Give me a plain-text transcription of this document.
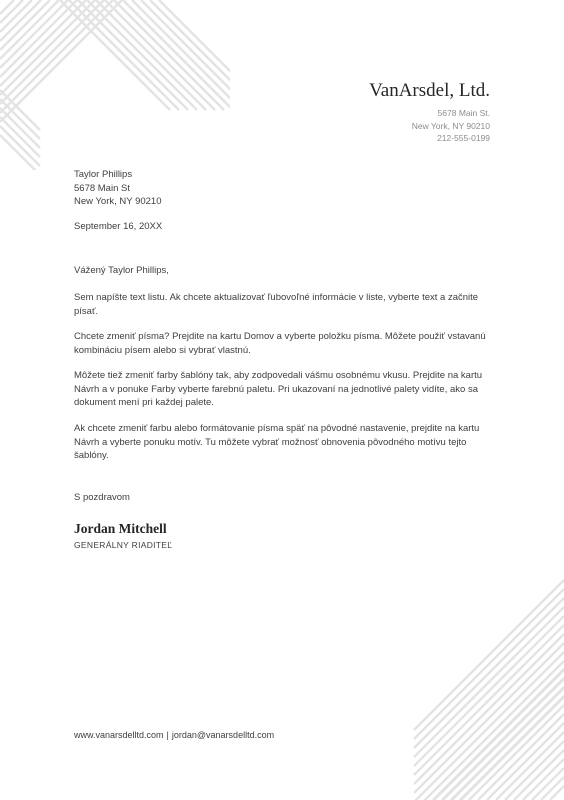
VanArsdel, Ltd.
5678 Main St.
New York, NY 90210
212-555-0199
Taylor Phillips
5678 Main St
New York, NY 90210
September 16, 20XX
Vážený Taylor Phillips,

Sem napíšte text listu. Ak chcete aktualizovať ľubovoľné informácie v liste, vyberte text a začnite písať.

Chcete zmeniť písma? Prejdite na kartu Domov a vyberte položku písma. Môžete použiť vstavanú kombináciu písem alebo si vybrať vlastnú.

Môžete tiež zmeniť farby šablóny tak, aby zodpovedali vášmu osobnému vkusu. Prejdite na kartu Návrh a v ponuke Farby vyberte farebnú paletu. Pri ukazovaní na jednotlivé palety vidíte, ako sa dokument mení pri každej palete.

Ak chcete zmeniť farbu alebo formátovanie písma späť na pôvodné nastavenie, prejdite na kartu Návrh a vyberte ponuku motív. Tu môžete vybrať možnosť obnovenia pôvodného motívu tejto šablóny.

S pozdravom
Jordan Mitchell
GENERÁLNY RIADITEĽ
www.vanarsdelltd.com | jordan@vanarsdelltd.com
